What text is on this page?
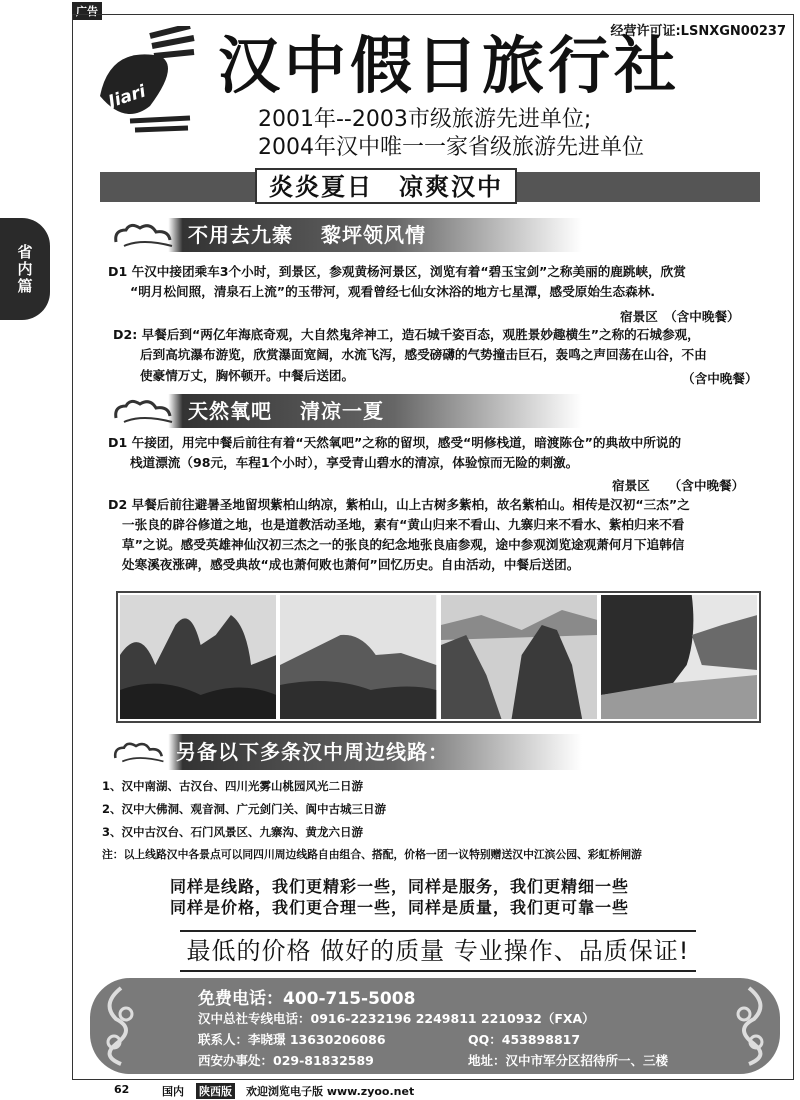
广告
经营许可证:LSNXGN00237
Jiari 汉中假日旅行社
2001年--2003市级旅游先进单位;
2004年汉中唯一一家省级旅游先进单位
炎炎夏日　凉爽汉中
省内篇
不用去九寨 黎坪领风情
D1 午汉中接团乘车3个小时，到景区，参观黄杨河景区，浏览有着“碧玉宝剑”之称美丽的鹿跳峡，欣赏
“明月松间照，清泉石上流”的玉带河，观看曾经七仙女沐浴的地方七星潭，感受原始生态森林.
宿景区　（含中晚餐）
D2: 早餐后到“两亿年海底奇观，大自然鬼斧神工，造石城千姿百态，观胜景妙趣横生”之称的石城参观，
后到高坑瀑布游览，欣赏瀑面宽阔，水流飞泻，感受磅礴的气势撞击巨石，轰鸣之声回荡在山谷，不由
使豪情万丈，胸怀顿开。中餐后送团。	（含中晚餐）
天然氧吧 清凉一夏
D1 午接团，用完中餐后前往有着“天然氧吧”之称的留坝，感受“明修栈道，暗渡陈仓”的典故中所说的
栈道漂流（98元，车程1个小时），享受青山碧水的清凉，体验惊而无险的刺激。
宿景区　　（含中晚餐）
D2 早餐后前往避暑圣地留坝紫柏山纳凉，紫柏山，山上古树多紫柏，故名紫柏山。相传是汉初“三杰”之
一张良的辟谷修道之地，也是道教活动圣地，素有“黄山归来不看山、九寨归来不看水、紫柏归来不看
草”之说。感受英雄神仙汉初三杰之一的张良的纪念地张良庙参观，途中参观浏览途观萧何月下追韩信
处寒溪夜涨碑，感受典故“成也萧何败也萧何”回忆历史。自由活动，中餐后送团。
另备以下多条汉中周边线路：
1、汉中南湖、古汉台、四川光雾山桃园风光二日游
2、汉中大佛洞、观音洞、广元剑门关、阆中古城三日游
3、汉中古汉台、石门风景区、九寨沟、黄龙六日游
注：以上线路汉中各景点可以同四川周边线路自由组合、搭配，价格一团一议特别赠送汉中江滨公园、彩虹桥闸游
同样是线路，我们更精彩一些，同样是服务，我们更精细一些
同样是价格，我们更合理一些，同样是质量，我们更可靠一些
最低的价格 做好的质量 专业操作、品质保证!
免费电话：400-715-5008
汉中总社专线电话：0916-2232196 2249811 2210932（FXA）
联系人：李晓璟 13630206086	QQ：453898817
西安办事处：029-81832589	地址：汉中市军分区招待所一、三楼
62	国内 陕西版 欢迎浏览电子版 www.zyoo.net
